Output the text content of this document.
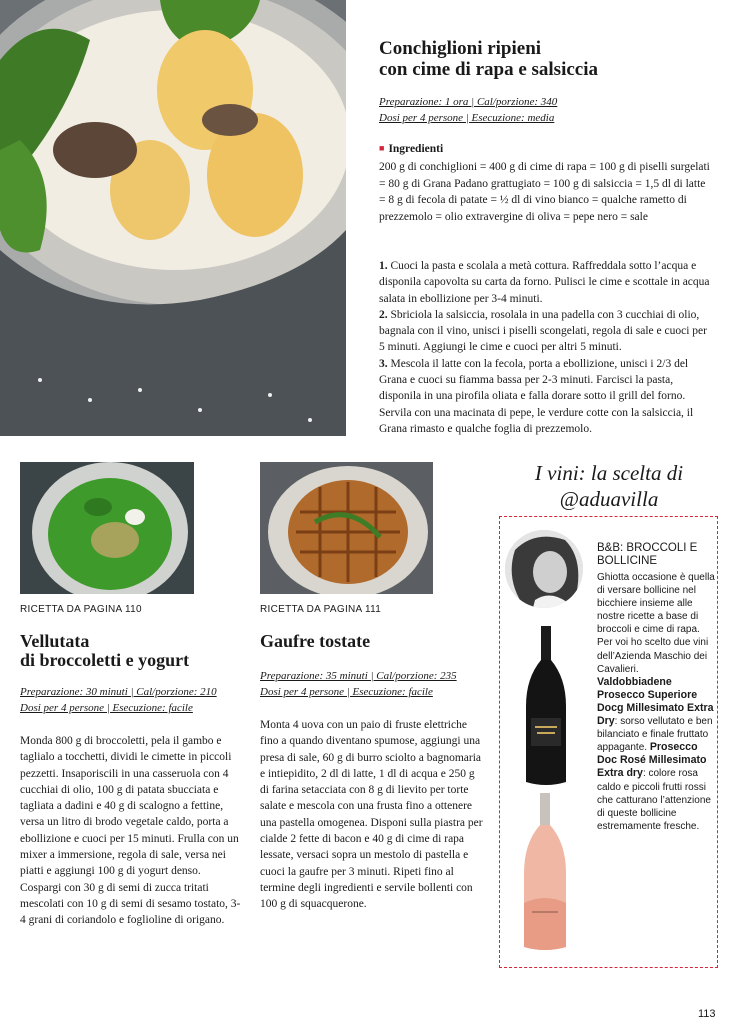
Conchiglioni ripieni
con cime di rapa e salsiccia
Preparazione: 1 ora | Cal/porzione: 340
Dosi per 4 persone | Esecuzione: media
■ Ingredienti
200 g di conchiglioni = 400 g di cime di rapa = 100 g di piselli surgelati = 80 g di Grana Padano grattugiato = 100 g di salsiccia = 1,5 dl di latte = 8 g di fecola di patate = ½ dl di vino bianco = qualche rametto di prezzemolo = olio extravergine di oliva = pepe nero = sale
1. Cuoci la pasta e scolala a metà cottura. Raffreddala sotto l’acqua e disponila capovolta su carta da forno. Pulisci le cime e scottale in acqua salata in ebollizione per 3-4 minuti.
2. Sbriciola la salsiccia, rosolala in una padella con 3 cucchiai di olio, bagnala con il vino, unisci i piselli scongelati, regola di sale e cuoci per 5 minuti. Aggiungi le cime e cuoci per altri 5 minuti.
3. Mescola il latte con la fecola, porta a ebollizione, unisci i 2/3 del Grana e cuoci su fiamma bassa per 2-3 minuti. Farcisci la pasta, disponila in una pirofila oliata e falla dorare sotto il grill del forno. Servila con una macinata di pepe, le verdure cotte con la salsiccia, il Grana rimasto e qualche foglia di prezzemolo.
RICETTA DA PAGINA 110
Vellutata
di broccoletti e yogurt
Preparazione: 30 minuti | Cal/porzione: 210
Dosi per 4 persone | Esecuzione: facile
Monda 800 g di broccoletti, pela il gambo e taglialo a tocchetti, dividi le cimette in piccoli pezzetti. Insaporiscili in una casseruola con 4 cucchiai di olio, 100 g di patata sbucciata e tagliata a dadini e 40 g di scalogno a fettine, versa un litro di brodo vegetale caldo, porta a ebollizione e cuoci per 15 minuti. Frulla con un mixer a immersione, regola di sale, versa nei piatti e aggiungi 100 g di yogurt denso. Cospargi con 30 g di semi di zucca tritati mescolati con 10 g di semi di sesamo tostato, 3-4 grani di coriandolo e foglioline di origano.
RICETTA DA PAGINA 111
Gaufre tostate
Preparazione: 35 minuti | Cal/porzione: 235
Dosi per 4 persone | Esecuzione: facile
Monta 4 uova con un paio di fruste elettriche fino a quando diventano spumose, aggiungi una presa di sale, 60 g di burro sciolto a bagnomaria e intiepidito, 2 dl di latte, 1 dl di acqua e 250 g di farina setacciata con 8 g di lievito per torte salate e mescola con una frusta fino a ottenere una pastella omogenea. Disponi sulla piastra per cialde 2 fette di bacon e 40 g di cime di rapa lessate, versaci sopra un mestolo di pastella e cuoci la gaufre per 3 minuti. Ripeti fino al termine degli ingredienti e servile bollenti con 100 g di squacquerone.
I vini: la scelta di
@aduavilla
B&B: BROCCOLI E BOLLICINE
Ghiotta occasione è quella di versare bollicine nel bicchiere insieme alle nostre ricette a base di broccoli e cime di rapa. Per voi ho scelto due vini dell’Azienda Maschio dei Cavalieri. Valdobbiadene Prosecco Superiore Docg Millesimato Extra Dry: sorso vellutato e ben bilanciato e finale fruttato appagante. Prosecco Doc Rosé Millesimato Extra dry: colore rosa caldo e piccoli frutti rossi che catturano l’attenzione di queste bollicine estremamente fresche.
113
